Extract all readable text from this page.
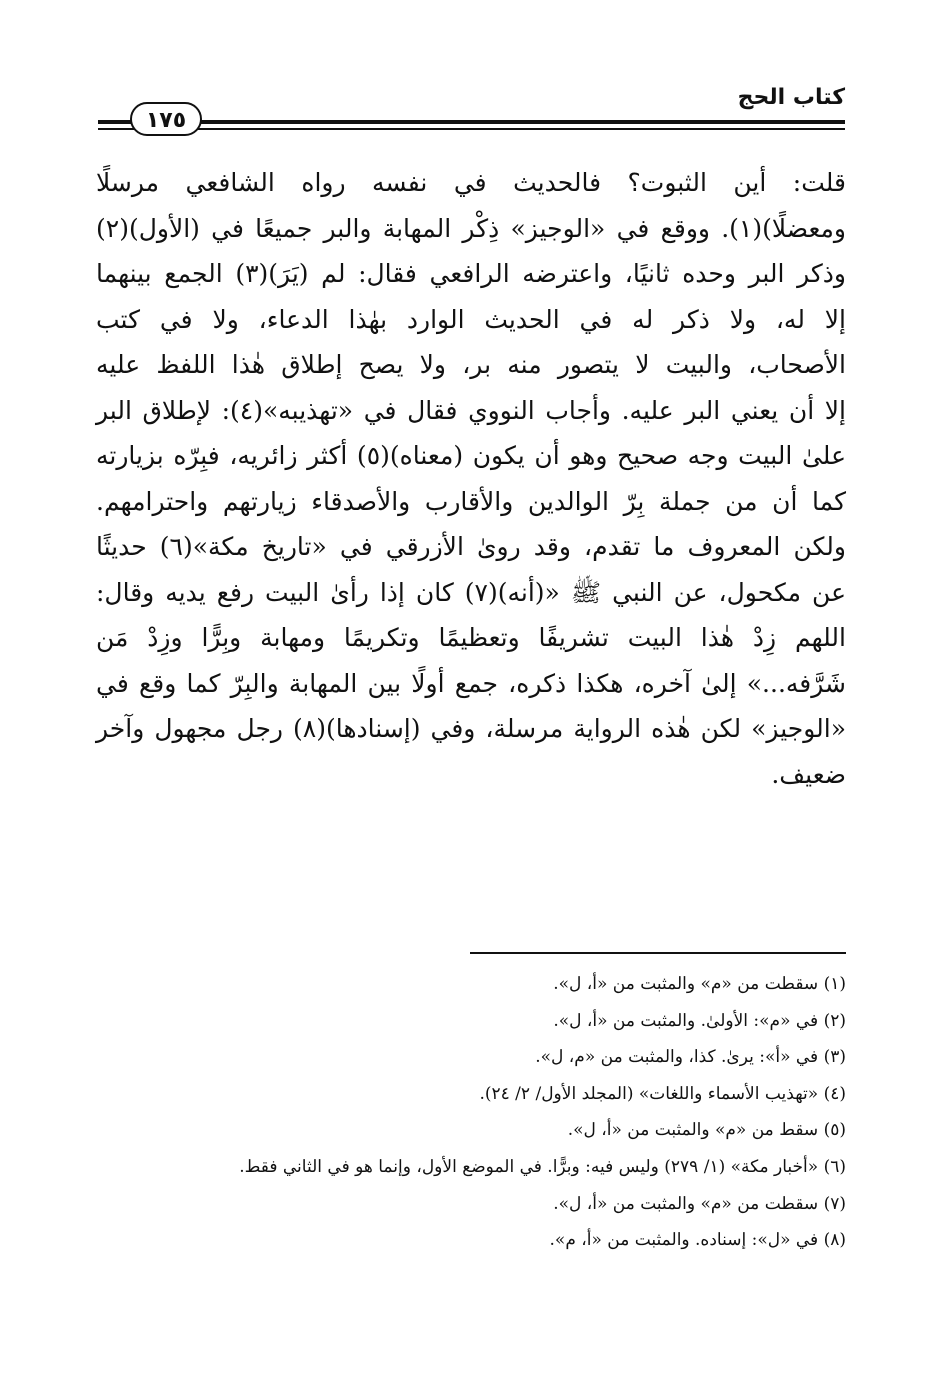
كتاب الحج
١٧٥
قلت: أين الثبوت؟ فالحديث في نفسه رواه الشافعي مرسلًا
ومعضلًا)(١). ووقع في «الوجيز» ذِكْر المهابة والبر جميعًا في (الأول)(٢)
وذكر البر وحده ثانيًا، واعترضه الرافعي فقال: لم (يَرَ)(٣) الجمع بينهما
إلا له، ولا ذكر له في الحديث الوارد بهٰذا الدعاء، ولا في كتب
الأصحاب، والبيت لا يتصور منه بر، ولا يصح إطلاق هٰذا اللفظ عليه
إلا أن يعني البر عليه. وأجاب النووي فقال في «تهذيبه»(٤): لإطلاق البر
علىٰ البيت وجه صحيح وهو أن يكون (معناه)(٥) أكثر زائريه، فبِرّه بزيارته
كما أن من جملة بِرّ الوالدين والأقارب والأصدقاء زيارتهم واحترامهم.
ولكن المعروف ما تقدم، وقد روىٰ الأزرقي في «تاريخ مكة»(٦) حديثًا
عن مكحول، عن النبي ﷺ «(أنه)(٧) كان إذا رأىٰ البيت رفع يديه وقال:
اللهم زِدْ هٰذا البيت تشريفًا وتعظيمًا وتكريمًا ومهابة وبِرًّا وزِدْ مَن
شَرَّفه...» إلىٰ آخره، هكذا ذكره، جمع أولًا بين المهابة والبِرّ كما وقع في
«الوجيز» لكن هٰذه الرواية مرسلة، وفي (إسنادها)(٨) رجل مجهول وآخر
ضعيف.
(١) سقطت من «م» والمثبت من «أ، ل».
(٢) في «م»: الأولىٰ. والمثبت من «أ، ل».
(٣) في «أ»: يرىٰ. كذا، والمثبت من «م، ل».
(٤) «تهذيب الأسماء واللغات» (المجلد الأول/ ٢/ ٢٤).
(٥) سقط من «م» والمثبت من «أ، ل».
(٦) «أخبار مكة» (١/ ٢٧٩) وليس فيه: وبرًّا. في الموضع الأول، وإنما هو في الثاني فقط.
(٧) سقطت من «م» والمثبت من «أ، ل».
(٨) في «ل»: إسناده. والمثبت من «أ، م».
